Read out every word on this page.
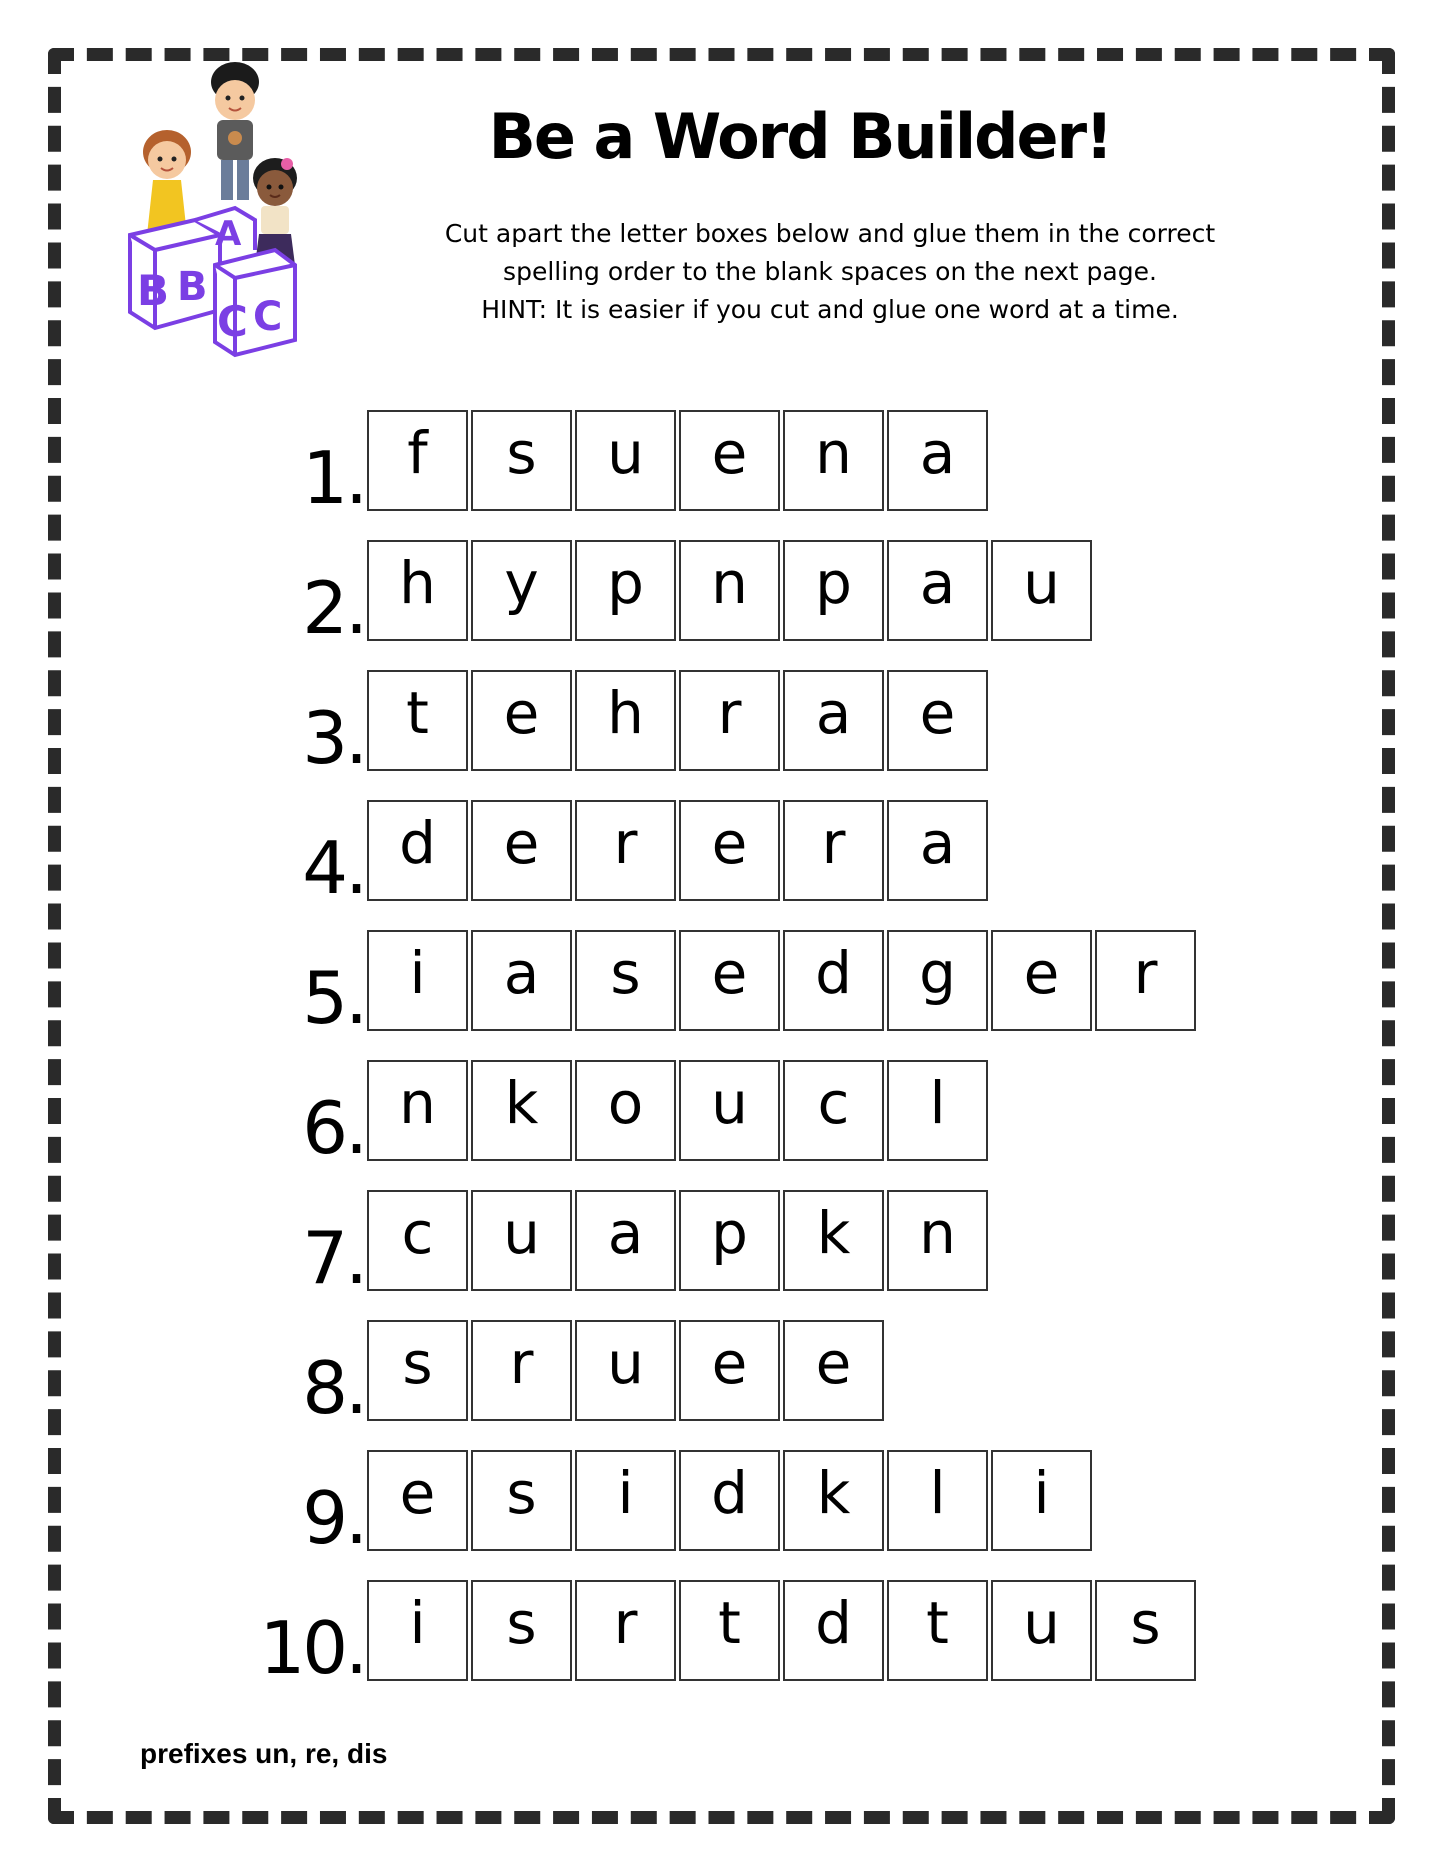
A
B B
C C
Be a Word Builder!
Cut apart the letter boxes below and glue them in the correct
spelling order to the blank spaces on the next page.
HINT: It is easier if you cut and glue one word at a time.
1. f	s	u	e	n	a
2. h	y	p	n	p	a	u
3. t	e	h	r	a	e
4. d	e	r	e	r	a
5. i	a	s	e	d	g	e	r
6. n	k	o	u	c	l
7. c	u	a	p	k	n
8. s	r	u	e	e
9. e	s	i	d	k	l	i
10. i	s	r	t	d	t	u	s
prefixes un, re, dis
